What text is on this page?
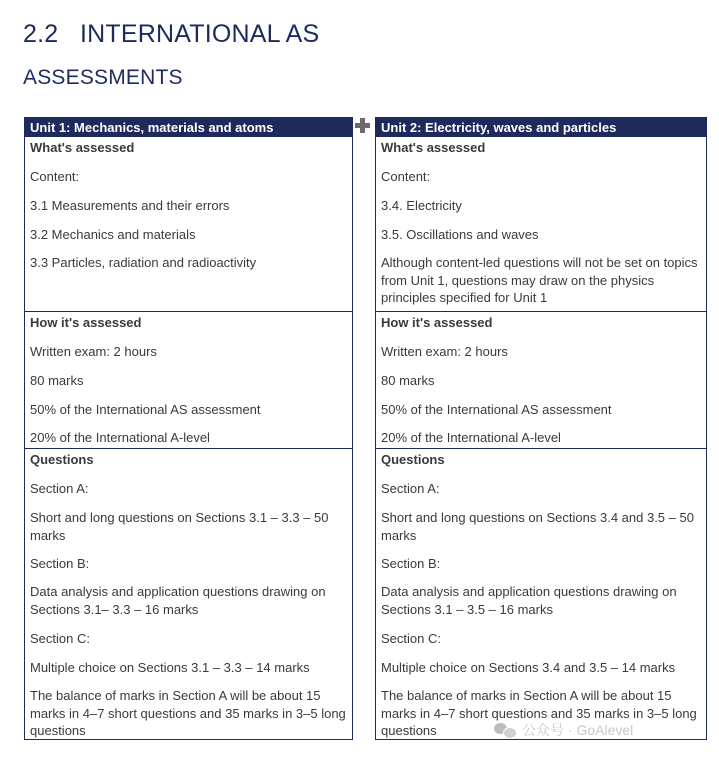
2.2 INTERNATIONAL AS
ASSESSMENTS
Unit 1: Mechanics, materials and atoms
What's assessed
Content:
3.1 Measurements and their errors
3.2 Mechanics and materials
3.3 Particles, radiation and radioactivity
How it's assessed
Written exam: 2 hours
80 marks
50% of the International AS assessment
20% of the International A-level
Questions
Section A:
Short and long questions on Sections 3.1 – 3.3 – 50 marks
Section B:
Data analysis and application questions drawing on Sections 3.1– 3.3 – 16 marks
Section C:
Multiple choice on Sections 3.1 – 3.3 – 14 marks
The balance of marks in Section A will be about 15 marks in 4–7 short questions and 35 marks in 3–5 long questions
Unit 2: Electricity, waves and particles
What's assessed
Content:
3.4. Electricity
3.5. Oscillations and waves
Although content-led questions will not be set on topics from Unit 1, questions may draw on the physics principles specified for Unit 1
How it's assessed
Written exam: 2 hours
80 marks
50% of the International AS assessment
20% of the International A-level
Questions
Section A:
Short and long questions on Sections 3.4 and 3.5 – 50 marks
Section B:
Data analysis and application questions drawing on Sections 3.1 – 3.5 – 16 marks
Section C:
Multiple choice on Sections 3.4 and 3.5 – 14 marks
The balance of marks in Section A will be about 15 marks in 4–7 short questions and 35 marks in 3–5 long questions	公众号 · GoAlevel
